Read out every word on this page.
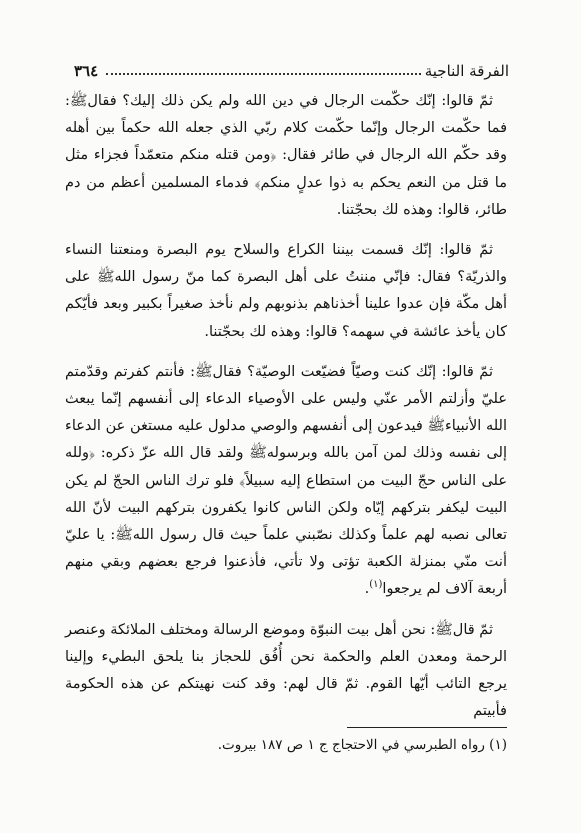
الفرقة الناجية
٣٦٤

ثمّ قالوا: إنّك حكّمت الرجال في دين الله ولم يكن ذلك إليك؟ فقالﷺ: فما حكّمت الرجال وإنّما حكّمت كلام ربّي الذي جعله الله حكماً بين أهله وقد حكّم الله الرجال في طائر فقال: ﴿ومن قتله منكم متعمّداً فجزاء مثل ما قتل من النعم يحكم به ذوا عدلٍ منكم﴾ فدماء المسلمين أعظم من دم طائر، قالوا: وهذه لك بحجّتنا.

ثمّ قالوا: إنّك قسمت بيننا الكراع والسلاح يوم البصرة ومنعتنا النساء والذريّة؟ فقال: فإنّي مننتُ على أهل البصرة كما منّ رسول اللهﷺ على أهل مكّة فإن عدوا علينا أخذناهم بذنوبهم ولم نأخذ صغيراً بكبير وبعد فأيّكم كان يأخذ عائشة في سهمه؟ قالوا: وهذه لك بحجّتنا.

ثمّ قالوا: إنّك كنت وصيّاً فضيّعت الوصيّة؟ فقالﷺ: فأنتم كفرتم وقدّمتم عليّ وأزلتم الأمر عنّي وليس على الأوصياء الدعاء إلى أنفسهم إنّما يبعث الله الأنبياءﷺ فيدعون إلى أنفسهم والوصي مدلول عليه مستغن عن الدعاء إلى نفسه وذلك لمن آمن بالله وبرسولهﷺ ولقد قال الله عزّ ذكره: ﴿ولله على الناس حجّ البيت من استطاع إليه سبيلاً﴾ فلو ترك الناس الحجّ لم يكن البيت ليكفر بتركهم إيّاه ولكن الناس كانوا يكفرون بتركهم البيت لأنّ الله تعالى نصبه لهم علماً وكذلك نصّبني علماً حيث قال رسول اللهﷺ: يا عليّ أنت منّي بمنزلة الكعبة تؤتى ولا تأتي، فأذعنوا فرجع بعضهم وبقي منهم أربعة آلاف لم يرجعوا$^{(١)}$.

ثمّ قالﷺ: نحن أهل بيت النبوّة وموضع الرسالة ومختلف الملائكة وعنصر الرحمة ومعدن العلم والحكمة نحن أُفُق للحجاز بنا يلحق البطيء وإلينا يرجع التائب أيّها القوم. ثمّ قال لهم: وقد كنت نهيتكم عن هذه الحكومة فأبيتم

(١) رواه الطبرسي في الاحتجاج ج ١ ص ١٨٧ بيروت.
